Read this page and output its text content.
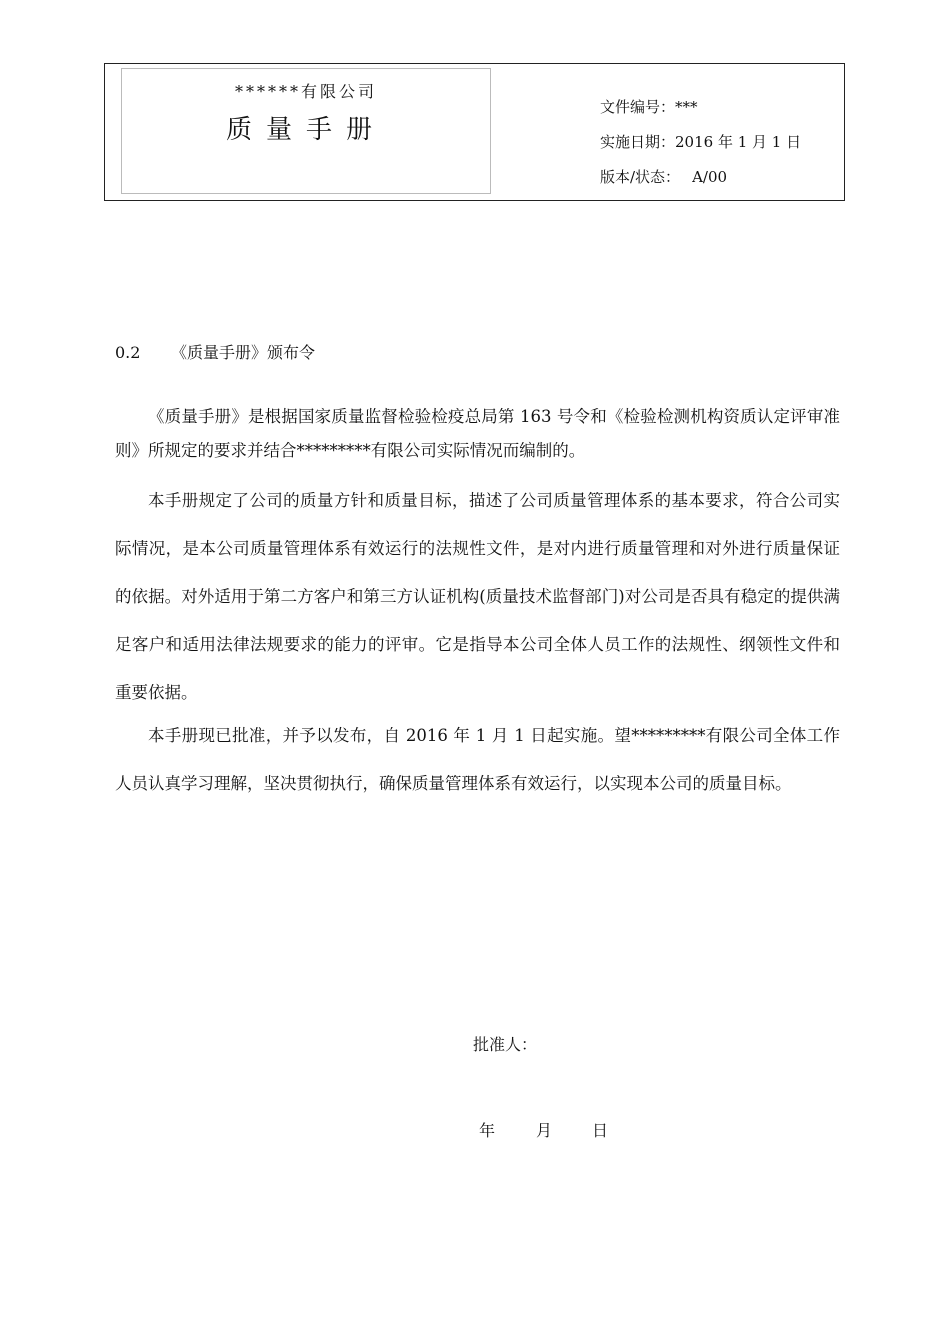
******有限公司
质量手册
文件编号：***
实施日期：2016 年 1 月 1 日
版本/状态： A/00
0.2 《质量手册》颁布令

《质量手册》是根据国家质量监督检验检疫总局第 163 号令和《检验检测机构资质认定评审准则》所规定的要求并结合*********有限公司实际情况而编制的。

本手册规定了公司的质量方针和质量目标，描述了公司质量管理体系的基本要求，符合公司实际情况，是本公司质量管理体系有效运行的法规性文件，是对内进行质量管理和对外进行质量保证的依据。对外适用于第二方客户和第三方认证机构(质量技术监督部门)对公司是否具有稳定的提供满足客户和适用法律法规要求的能力的评审。它是指导本公司全体人员工作的法规性、纲领性文件和重要依据。

本手册现已批准，并予以发布，自 2016 年 1 月 1 日起实施。望*********有限公司全体工作人员认真学习理解，坚决贯彻执行，确保质量管理体系有效运行，以实现本公司的质量目标。

批准人：
年	月 日
